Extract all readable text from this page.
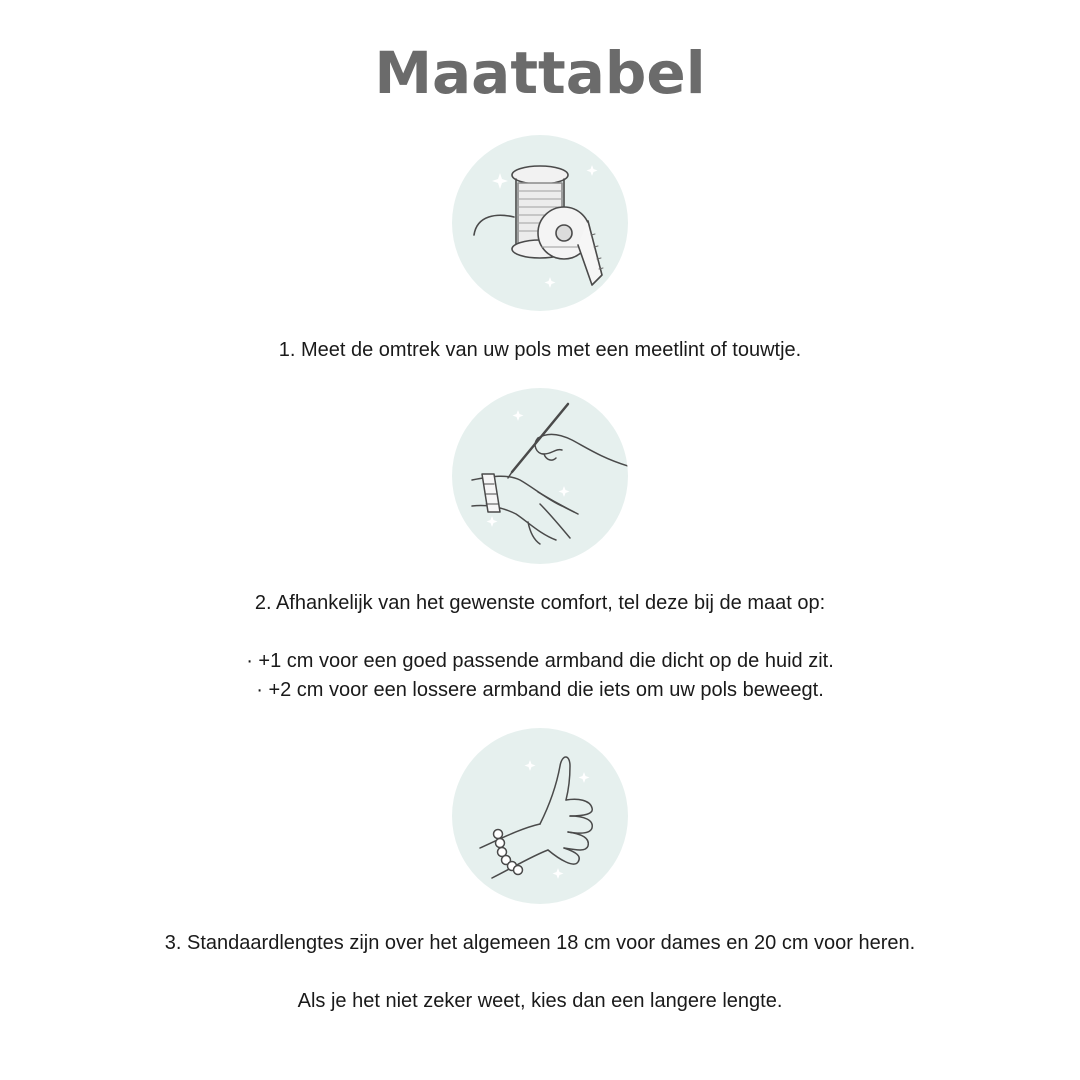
Maattabel
1. Meet de omtrek van uw pols met een meetlint of touwtje.
2. Afhankelijk van het gewenste comfort, tel deze bij de maat op:
· +1 cm voor een goed passende armband die dicht op de huid zit.
· +2 cm voor een lossere armband die iets om uw pols beweegt.
3. Standaardlengtes zijn over het algemeen 18 cm voor dames en 20 cm voor heren.
Als je het niet zeker weet, kies dan een langere lengte.
